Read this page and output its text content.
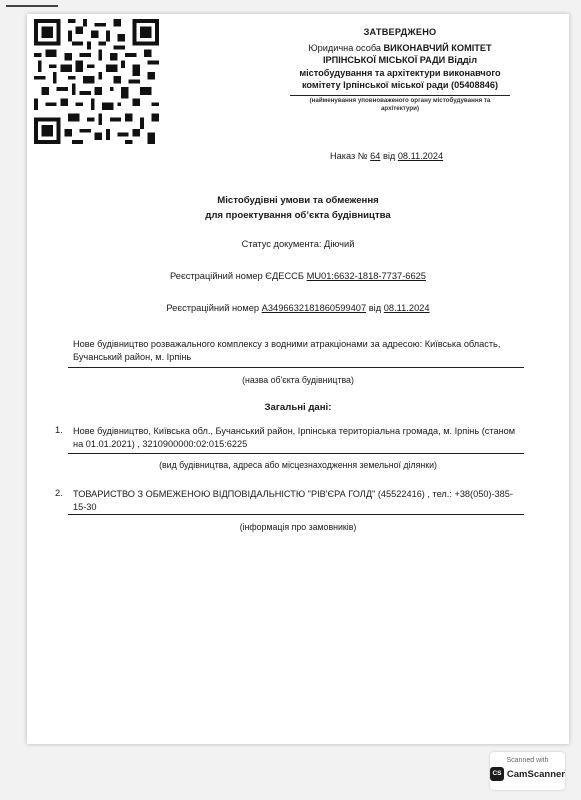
ЗАТВЕРДЖЕНО
Юридична особа ВИКОНАВЧИЙ КОМІТЕТ ІРПІНСЬКОЇ МІСЬКОЇ РАДИ Відділ містобудування та архітектури виконавчого комітету Ірпінської міської ради (05408846)
(найменування уповноваженого органу містобудування та архітектури)
Наказ № 64 від 08.11.2024
Містобудівні умови та обмеження
для проектування об’єкта будівництва
Статус документа: Діючий
Реєстраційний номер ЄДЕССБ MU01:6632-1818-7737-6625
Реєстраційний номер А3496632181860599407 від 08.11.2024
Нове будівництво розважального комплексу з водними атракціонами за адресою: Київська область, Бучанський район, м. Ірпінь
(назва об'єкта будівництва)
Загальні дані:
1. Нове будівництво, Київська обл., Бучанський район, Ірпінська територіальна громада, м. Ірпінь (станом на 01.01.2021) , 3210900000:02:015:6225
(вид будівництва, адреса або місцезнаходження земельної ділянки)
2. ТОВАРИСТВО З ОБМЕЖЕНОЮ ВІДПОВІДАЛЬНІСТЮ "РІВ'ЄРА ГОЛД" (45522416) , тел.: +38(050)-385-15-30
(інформація про замовників)
Scanned with
CS CamScanner
